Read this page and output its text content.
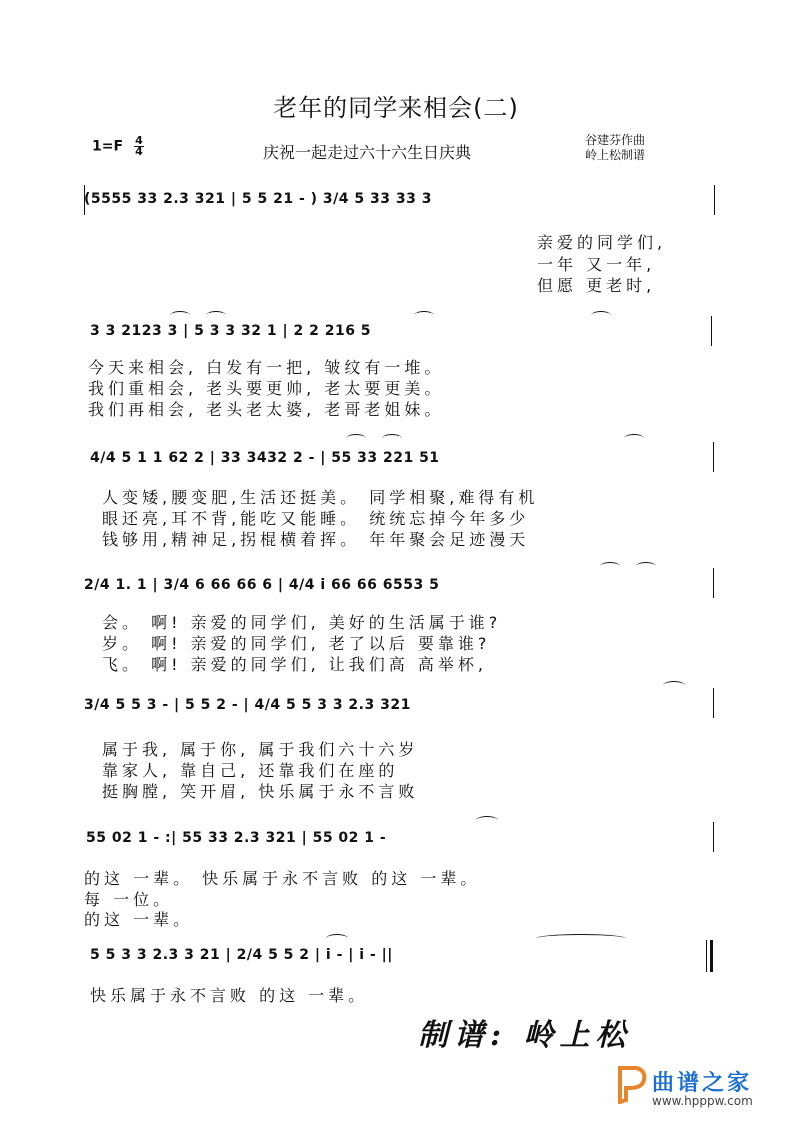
老年的同学来相会(二)
$1=F \frac{4}{4}$	庆祝一起走过六十六生日庆典
谷建芬作曲
岭上松制谱
(5555 33 2.3 321 | 5 5 21 - ) 3/4 5 33 33 3
亲爱的同学们,
一年 又一年,
但愿 更老时,
3 3 2123 3 | 5 3 3 32 1 | 2 2 216 5
今天来相会, 白发有一把, 皱纹有一堆。
我们重相会, 老头要更帅, 老太要更美。
我们再相会, 老头老太婆, 老哥老姐妹。
4/4 5 1 1 62 2 | 33 3432 2 - | 55 33 221 51
人变矮,腰变肥,生活还挺美。 同学相聚,难得有机
眼还亮,耳不背,能吃又能睡。 统统忘掉今年多少
钱够用,精神足,拐棍横着挥。 年年聚会足迹漫天
2/4 1. 1 | 3/4 6 66 66 6 | 4/4 i 66 66 6553 5
会。 啊! 亲爱的同学们, 美好的生活属于谁?
岁。 啊! 亲爱的同学们, 老了以后 要靠谁?
飞。 啊! 亲爱的同学们, 让我们高 高举杯,
3/4 5 5 3 - | 5 5 2 - | 4/4 5 5 3 3 2.3 321
属于我, 属于你, 属于我们六十六岁
靠家人, 靠自己, 还靠我们在座的
挺胸膛, 笑开眉, 快乐属于永不言败
55 02 1 - :| 55 33 2.3 321 | 55 02 1 -
的这 一辈。 快乐属于永不言败 的这 一辈。
每 一位。
的这 一辈。
5 5 3 3 2.3 3 21 | 2/4 5 5 2 | i - | i - ||
快乐属于永不言败 的这 一辈。
制谱: 岭上松
曲谱之家
www.hpppw.com
